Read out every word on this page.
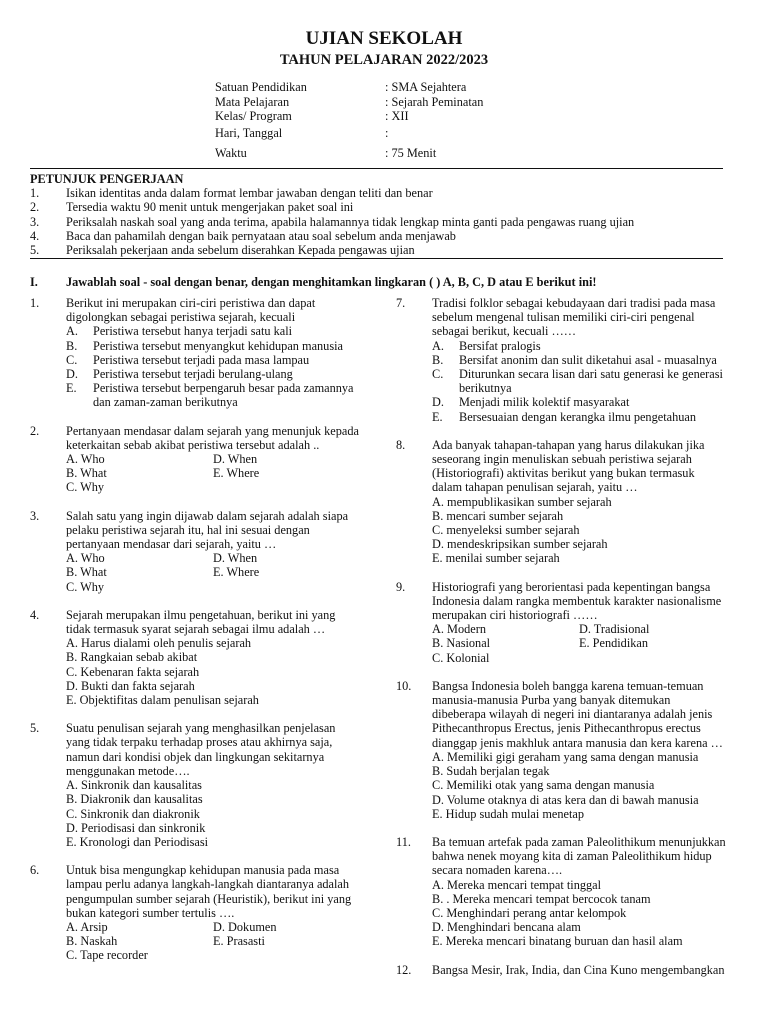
UJIAN SEKOLAH
TAHUN PELAJARAN 2022/2023
Satuan Pendidikan	: SMA Sejahtera
Mata Pelajaran	: Sejarah Peminatan
Kelas/ Program	: XII
Hari, Tanggal	:
Waktu	: 75 Menit
PETUNJUK PENGERJAAN
1.	Isikan identitas anda dalam format lembar jawaban dengan teliti dan benar
2.	Tersedia waktu 90 menit untuk mengerjakan paket soal ini
3.	Periksalah naskah soal yang anda terima, apabila halamannya tidak lengkap minta ganti pada pengawas ruang ujian
4.	Baca dan pahamilah dengan baik pernyataan atau soal sebelum anda menjawab
5.	Periksalah pekerjaan anda sebelum diserahkan Kepada pengawas ujian
I.	Jawablah soal - soal dengan benar, dengan menghitamkan lingkaran ( ) A, B, C, D atau E berikut ini!
1.	Berikut ini merupakan ciri-ciri peristiwa dan dapat
digolongkan sebagai peristiwa sejarah, kecuali
A.	Peristiwa tersebut hanya terjadi satu kali
B.	Peristiwa tersebut menyangkut kehidupan manusia
C.	Peristiwa tersebut terjadi pada masa lampau
D.	Peristiwa tersebut terjadi berulang-ulang
E.	Peristiwa tersebut berpengaruh besar pada zamannya dan zaman-zaman berikutnya
2.	Pertanyaan mendasar dalam sejarah yang menunjuk kepada
keterkaitan sebab akibat peristiwa tersebut adalah ..
A. Who	D. When
B. What	E. Where
C. Why
3.	Salah satu yang ingin dijawab dalam sejarah adalah siapa
pelaku peristiwa sejarah itu, hal ini sesuai dengan
pertanyaan mendasar dari sejarah, yaitu …
A. Who	D. When
B. What	E. Where
C. Why
4.	Sejarah merupakan ilmu pengetahuan, berikut ini yang
tidak termasuk syarat sejarah sebagai ilmu adalah …
A. Harus dialami oleh penulis sejarah
B. Rangkaian sebab akibat
C. Kebenaran fakta sejarah
D. Bukti dan fakta sejarah
E. Objektifitas dalam penulisan sejarah
5.	Suatu penulisan sejarah yang menghasilkan penjelasan
yang tidak terpaku terhadap proses atau akhirnya saja,
namun dari kondisi objek dan lingkungan sekitarnya
menggunakan metode….
A. Sinkronik dan kausalitas
B. Diakronik dan kausalitas
C. Sinkronik dan diakronik
D. Periodisasi dan sinkronik
E. Kronologi dan Periodisasi
6.	Untuk bisa mengungkap kehidupan manusia pada masa
lampau perlu adanya langkah-langkah diantaranya adalah
pengumpulan sumber sejarah (Heuristik), berikut ini yang
bukan kategori sumber tertulis ….
A. Arsip	D. Dokumen
B. Naskah	E. Prasasti
C. Tape recorder
7.	Tradisi folklor sebagai kebudayaan dari tradisi pada masa
sebelum mengenal tulisan memiliki ciri-ciri pengenal
sebagai berikut, kecuali ……
A.	Bersifat pralogis
B.	Bersifat anonim dan sulit diketahui asal - muasalnya
C.	Diturunkan secara lisan dari satu generasi ke generasi berikutnya
D.	Menjadi milik kolektif masyarakat
E.	Bersesuaian dengan kerangka ilmu pengetahuan
8.	Ada banyak tahapan-tahapan yang harus dilakukan jika
seseorang ingin menuliskan sebuah peristiwa sejarah
(Historiografi) aktivitas berikut yang bukan termasuk
dalam tahapan penulisan sejarah, yaitu …
A. mempublikasikan sumber sejarah
B. mencari sumber sejarah
C. menyeleksi sumber sejarah
D. mendeskripsikan sumber sejarah
E. menilai sumber sejarah
9.	Historiografi yang berorientasi pada kepentingan bangsa
Indonesia dalam rangka membentuk karakter nasionalisme
merupakan ciri historiografi ……
A. Modern	D. Tradisional
B. Nasional	E. Pendidikan
C. Kolonial
10.	Bangsa Indonesia boleh bangga karena temuan-temuan
manusia-manusia Purba yang banyak ditemukan
dibeberapa wilayah di negeri ini diantaranya adalah jenis
Pithecanthropus Erectus, jenis Pithecanthropus erectus
dianggap jenis makhluk antara manusia dan kera karena …
A. Memiliki gigi geraham yang sama dengan manusia
B. Sudah berjalan tegak
C. Memiliki otak yang sama dengan manusia
D. Volume otaknya di atas kera dan di bawah manusia
E. Hidup sudah mulai menetap
11.	Ba temuan artefak pada zaman Paleolithikum menunjukkan
bahwa nenek moyang kita di zaman Paleolithikum hidup
secara nomaden karena….
A. Mereka mencari tempat tinggal
B. . Mereka mencari tempat bercocok tanam
C. Menghindari perang antar kelompok
D. Menghindari bencana alam
E. Mereka mencari binatang buruan dan hasil alam
12.	Bangsa Mesir, Irak, India, dan Cina Kuno mengembangkan
